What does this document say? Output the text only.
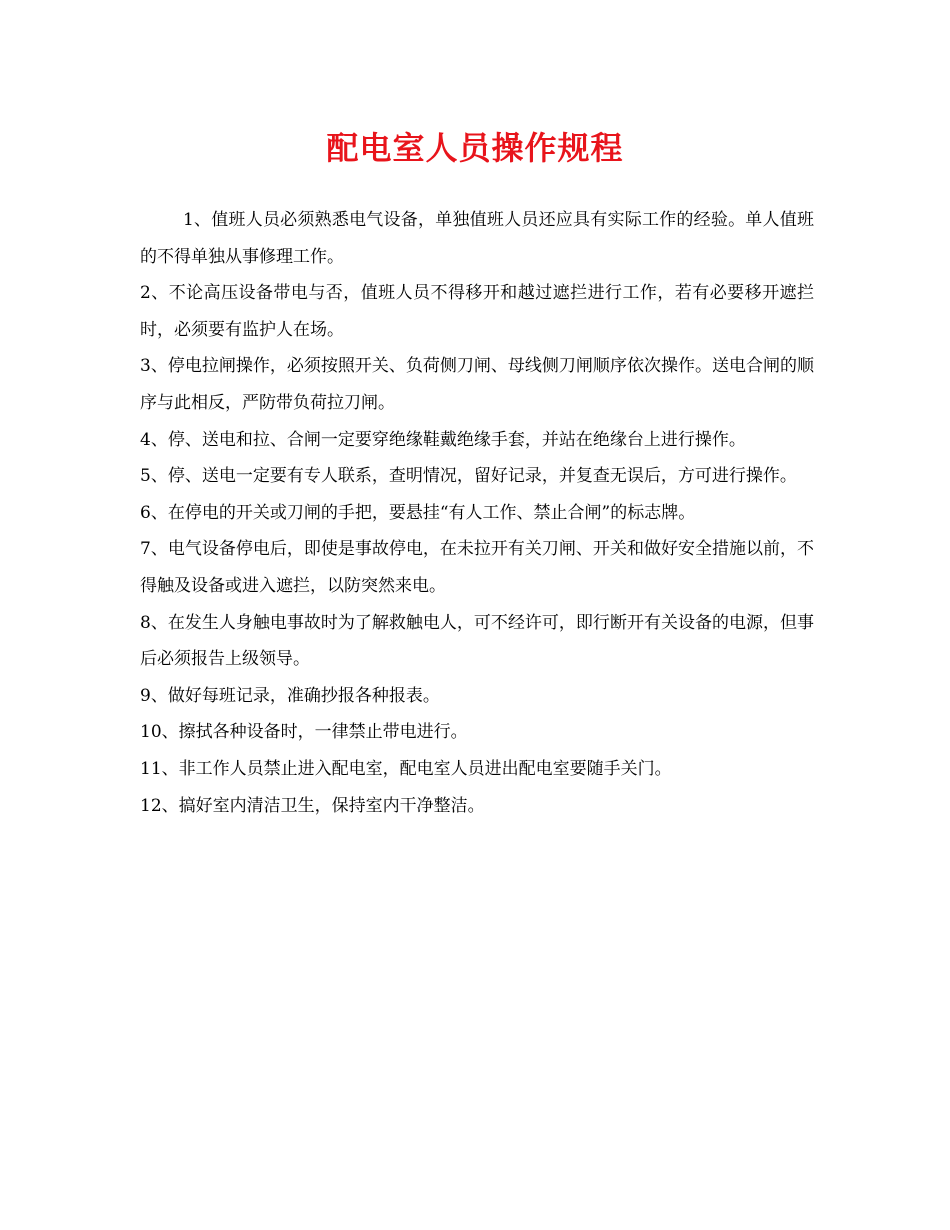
配电室人员操作规程

1、值班人员必须熟悉电气设备，单独值班人员还应具有实际工作的经验。单人值班的不得单独从事修理工作。

2、不论高压设备带电与否，值班人员不得移开和越过遮拦进行工作，若有必要移开遮拦时，必须要有监护人在场。

3、停电拉闸操作，必须按照开关、负荷侧刀闸、母线侧刀闸顺序依次操作。送电合闸的顺序与此相反，严防带负荷拉刀闸。

4、停、送电和拉、合闸一定要穿绝缘鞋戴绝缘手套，并站在绝缘台上进行操作。

5、停、送电一定要有专人联系，查明情况，留好记录，并复查无误后，方可进行操作。

6、在停电的开关或刀闸的手把，要悬挂“有人工作、禁止合闸”的标志牌。

7、电气设备停电后，即使是事故停电，在未拉开有关刀闸、开关和做好安全措施以前，不得触及设备或进入遮拦，以防突然来电。

8、在发生人身触电事故时为了解救触电人，可不经许可，即行断开有关设备的电源，但事后必须报告上级领导。

9、做好每班记录，准确抄报各种报表。

10、擦拭各种设备时，一律禁止带电进行。

11、非工作人员禁止进入配电室，配电室人员进出配电室要随手关门。

12、搞好室内清洁卫生，保持室内干净整洁。
